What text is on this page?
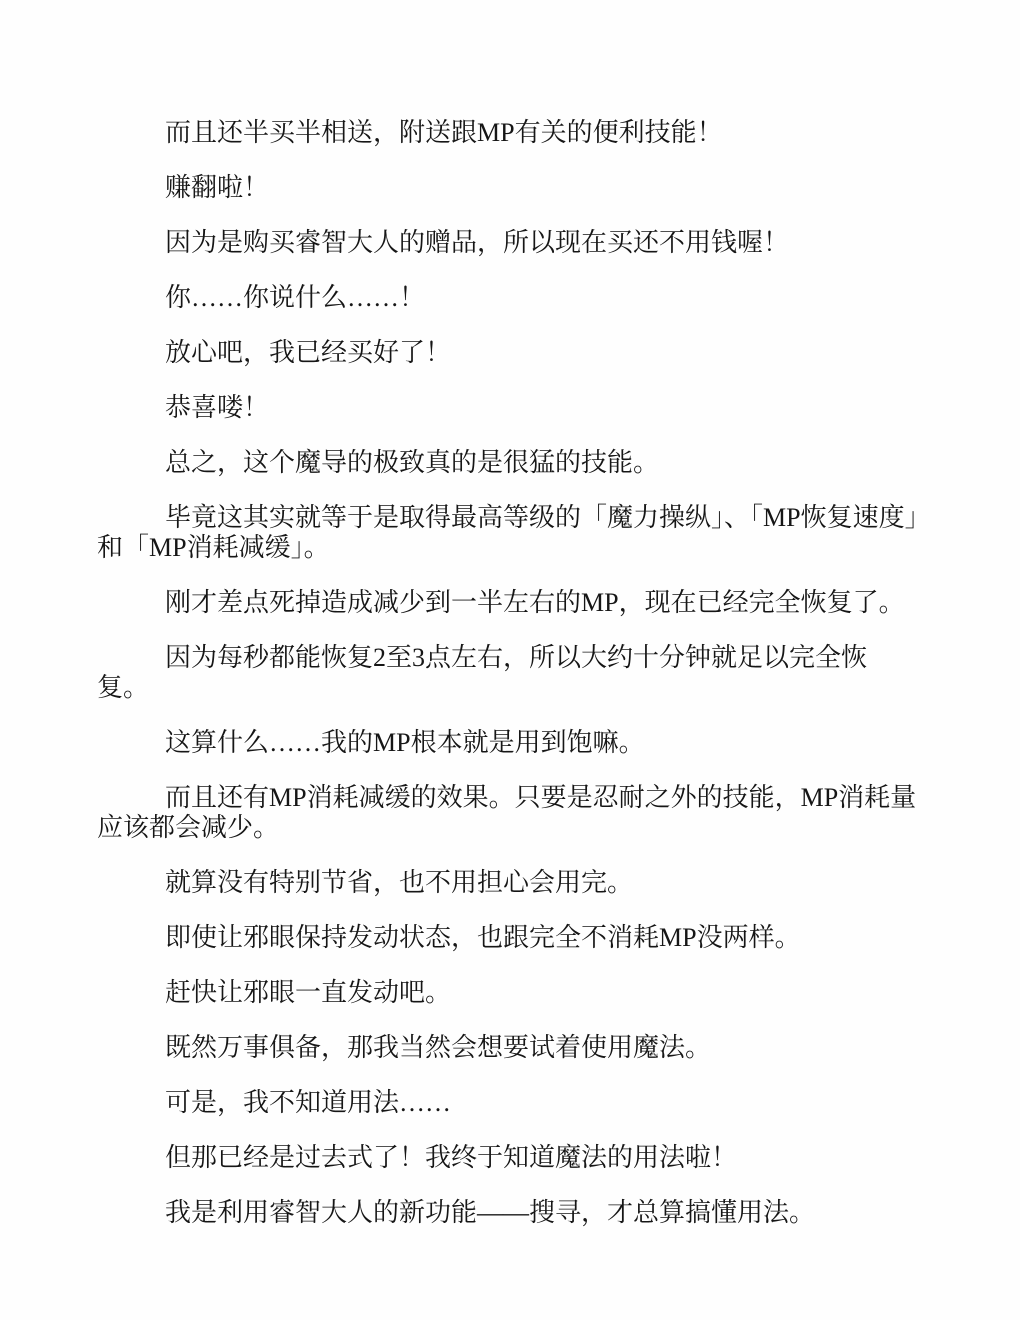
而且还半买半相送，附送跟MP有关的便利技能！

赚翻啦！

因为是购买睿智大人的赠品，所以现在买还不用钱喔！

你……你说什么……！

放心吧，我已经买好了！

恭喜喽！

总之，这个魔导的极致真的是很猛的技能。

毕竟这其实就等于是取得最高等级的「魔力操纵」、「MP恢复速度」和「MP消耗减缓」。

刚才差点死掉造成减少到一半左右的MP，现在已经完全恢复了。

因为每秒都能恢复2至3点左右，所以大约十分钟就足以完全恢复。

这算什么……我的MP根本就是用到饱嘛。

而且还有MP消耗减缓的效果。只要是忍耐之外的技能，MP消耗量应该都会减少。

就算没有特别节省，也不用担心会用完。

即使让邪眼保持发动状态，也跟完全不消耗MP没两样。

赶快让邪眼一直发动吧。

既然万事俱备，那我当然会想要试着使用魔法。

可是，我不知道用法……

但那已经是过去式了！我终于知道魔法的用法啦！

我是利用睿智大人的新功能——搜寻，才总算搞懂用法。
